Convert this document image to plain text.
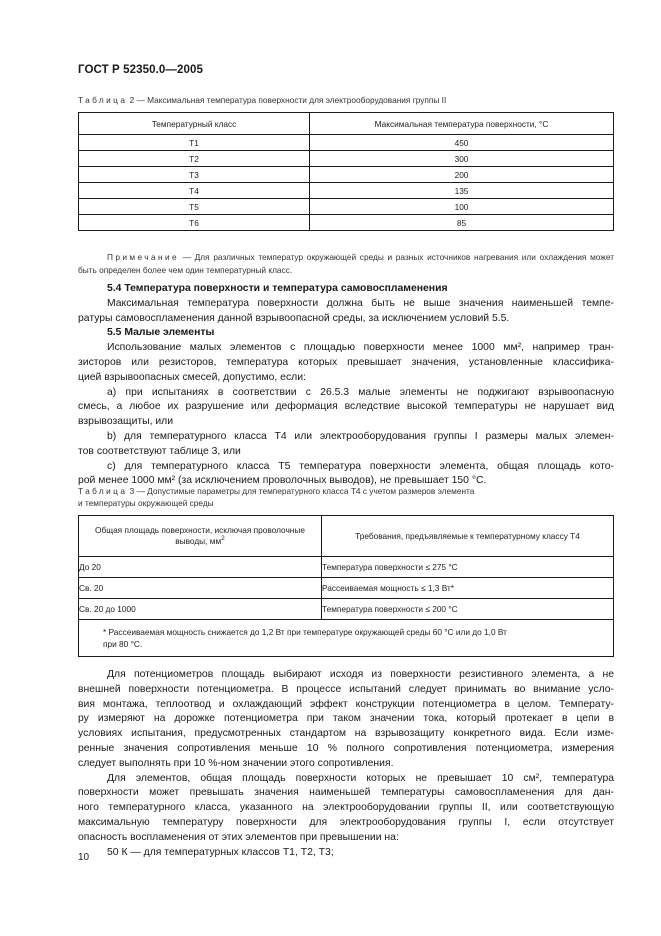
ГОСТ Р 52350.0—2005
Таблица 2 — Максимальная температура поверхности для электрооборудования группы II
Температурный класс	Максимальная температура поверхности, °С
Т1	450
Т2	300
Т3	200
Т4	135
Т5	100
Т6	85
Примечание — Для различных температур окружающей среды и разных источников нагревания или охлаждения может быть определен более чем один температурный класс.
5.4 Температура поверхности и температура самовоспламенения
Максимальная температура поверхности должна быть не выше значения наименьшей темпе-
ратуры самовоспламенения данной взрывоопасной среды, за исключением условий 5.5.
5.5 Малые элементы
Использование малых элементов с площадью поверхности менее 1000 мм², например тран-
зисторов или резисторов, температура которых превышает значения, установленные классифика-
цией взрывоопасных смесей, допустимо, если:
а) при испытаниях в соответствии с 26.5.3 малые элементы не поджигают взрывоопасную
смесь, а любое их разрушение или деформация вследствие высокой температуры не нарушает вид
взрывозащиты, или
b) для температурного класса Т4 или электрооборудования группы I размеры малых элемен-
тов соответствуют таблице 3, или
c) для температурного класса Т5 температура поверхности элемента, общая площадь кото-
рой менее 1000 мм² (за исключением проволочных выводов), не превышает 150 °С.
Таблица 3 — Допустимые параметры для температурного класса Т4 с учетом размеров элемента
и температуры окружающей среды
Общая площадь поверхности, исключая проволочные
выводы, $мм^2$	Требования, предъявляемые к температурному классу Т4
До 20	Температура поверхности ≤ 275 °С
Св. 20	Рассеиваемая мощность ≤ 1,3 Вт*
Св. 20 до 1000	Температура поверхности ≤ 200 °С
* Рассеиваемая мощность снижается до 1,2 Вт при температуре окружающей среды 60 °С или до 1,0 Вт
при 80 °С.	
Для потенциометров площадь выбирают исходя из поверхности резистивного элемента, а не
внешней поверхности потенциометра. В процессе испытаний следует принимать во внимание усло-
вия монтажа, теплоотвод и охлаждающий эффект конструкции потенциометра в целом. Температу-
ру измеряют на дорожке потенциометра при таком значении тока, который протекает в цепи в
условиях испытания, предусмотренных стандартом на взрывозащиту конкретного вида. Если изме-
ренные значения сопротивления меньше 10 % полного сопротивления потенциометра, измерения
следует выполнять при 10 %-ном значении этого сопротивления.
Для элементов, общая площадь поверхности которых не превышает 10 см², температура
поверхности может превышать значения наименьшей температуры самовоспламенения для дан-
ного температурного класса, указанного на электрооборудовании группы II, или соответствующую
максимальную температуру поверхности для электрооборудования группы I, если отсутствует
опасность воспламенения от этих элементов при превышении на:
50 К — для температурных классов Т1, Т2, Т3;
10
